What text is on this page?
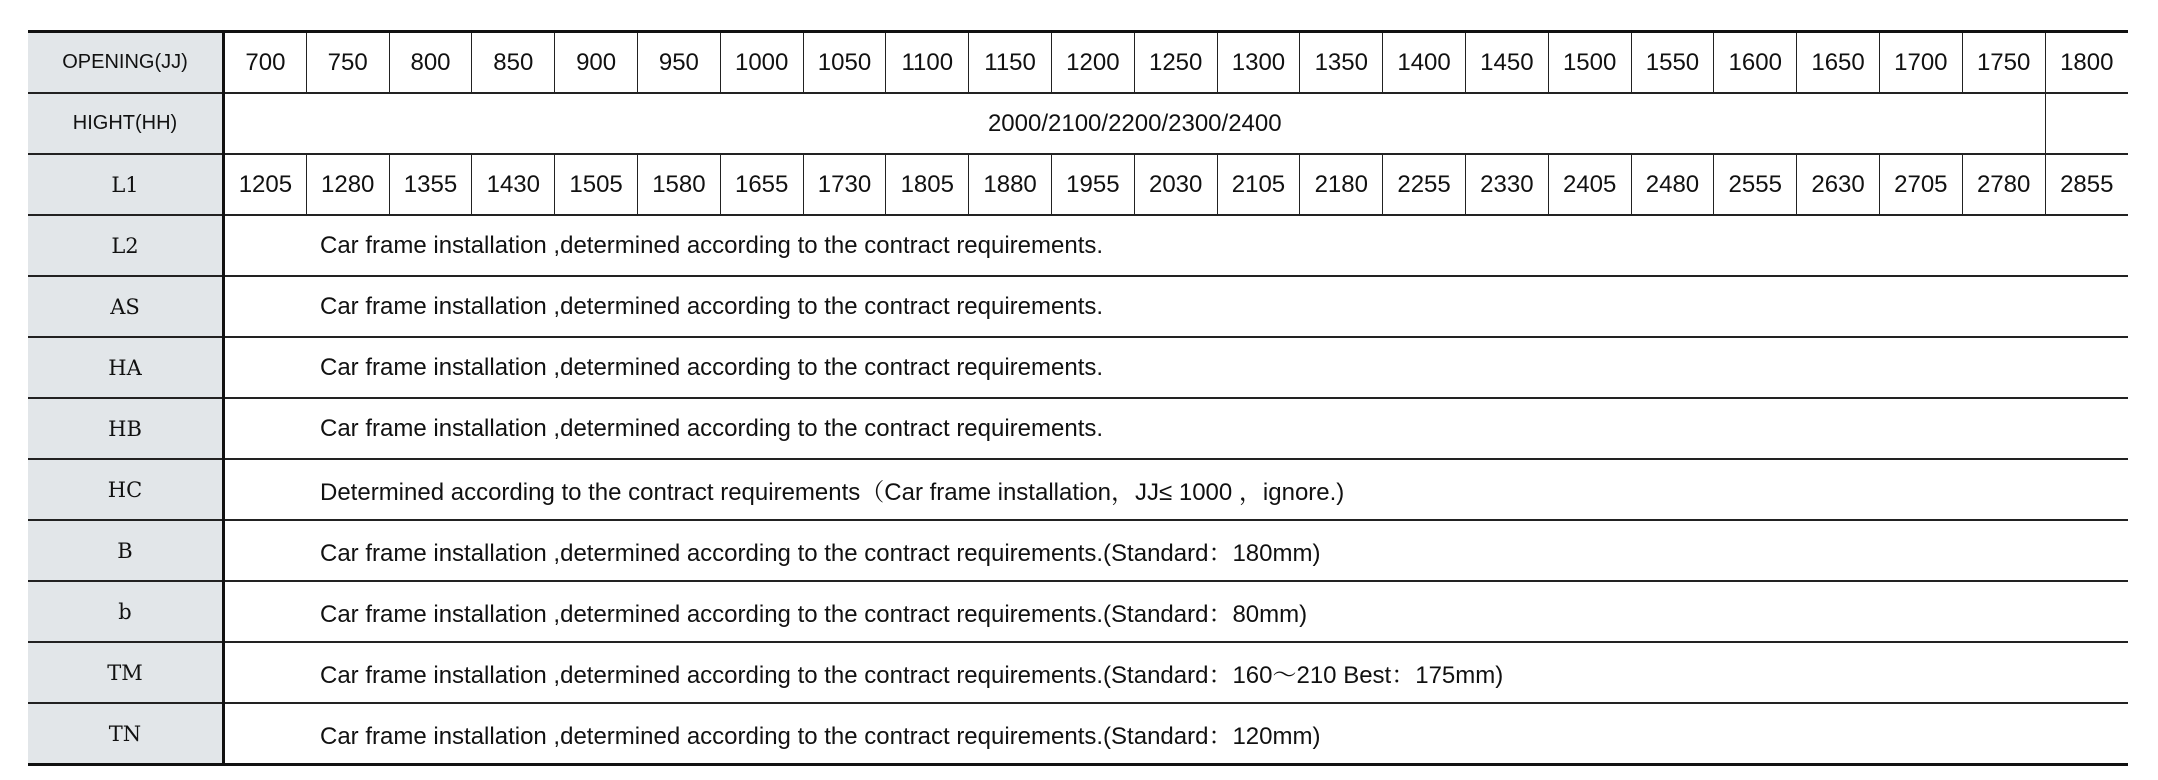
OPENING(JJ)	700	750	800	850	900	950	1000	1050	1100	1150	1200	1250	1300	1350	1400	1450	1500	1550	1600	1650	1700	1750	1800
HIGHT(HH)	2000/2100/2200/2300/2400																						
L1	1205	1280	1355	1430	1505	1580	1655	1730	1805	1880	1955	2030	2105	2180	2255	2330	2405	2480	2555	2630	2705	2780	2855
L2	Car frame installation ,determined according to the contract requirements.																						
AS	Car frame installation ,determined according to the contract requirements.																						
HA	Car frame installation ,determined according to the contract requirements.																						
HB	Car frame installation ,determined according to the contract requirements.																						
HC	Determined according to the contract requirements（Car frame installation，JJ≤ 1000 ，ignore.)																						
B	Car frame installation ,determined according to the contract requirements.(Standard：180mm)																						
b	Car frame installation ,determined according to the contract requirements.(Standard：80mm)																						
TM	Car frame installation ,determined according to the contract requirements.(Standard：160～210 Best：175mm)																						
TN	Car frame installation ,determined according to the contract requirements.(Standard：120mm)																						
